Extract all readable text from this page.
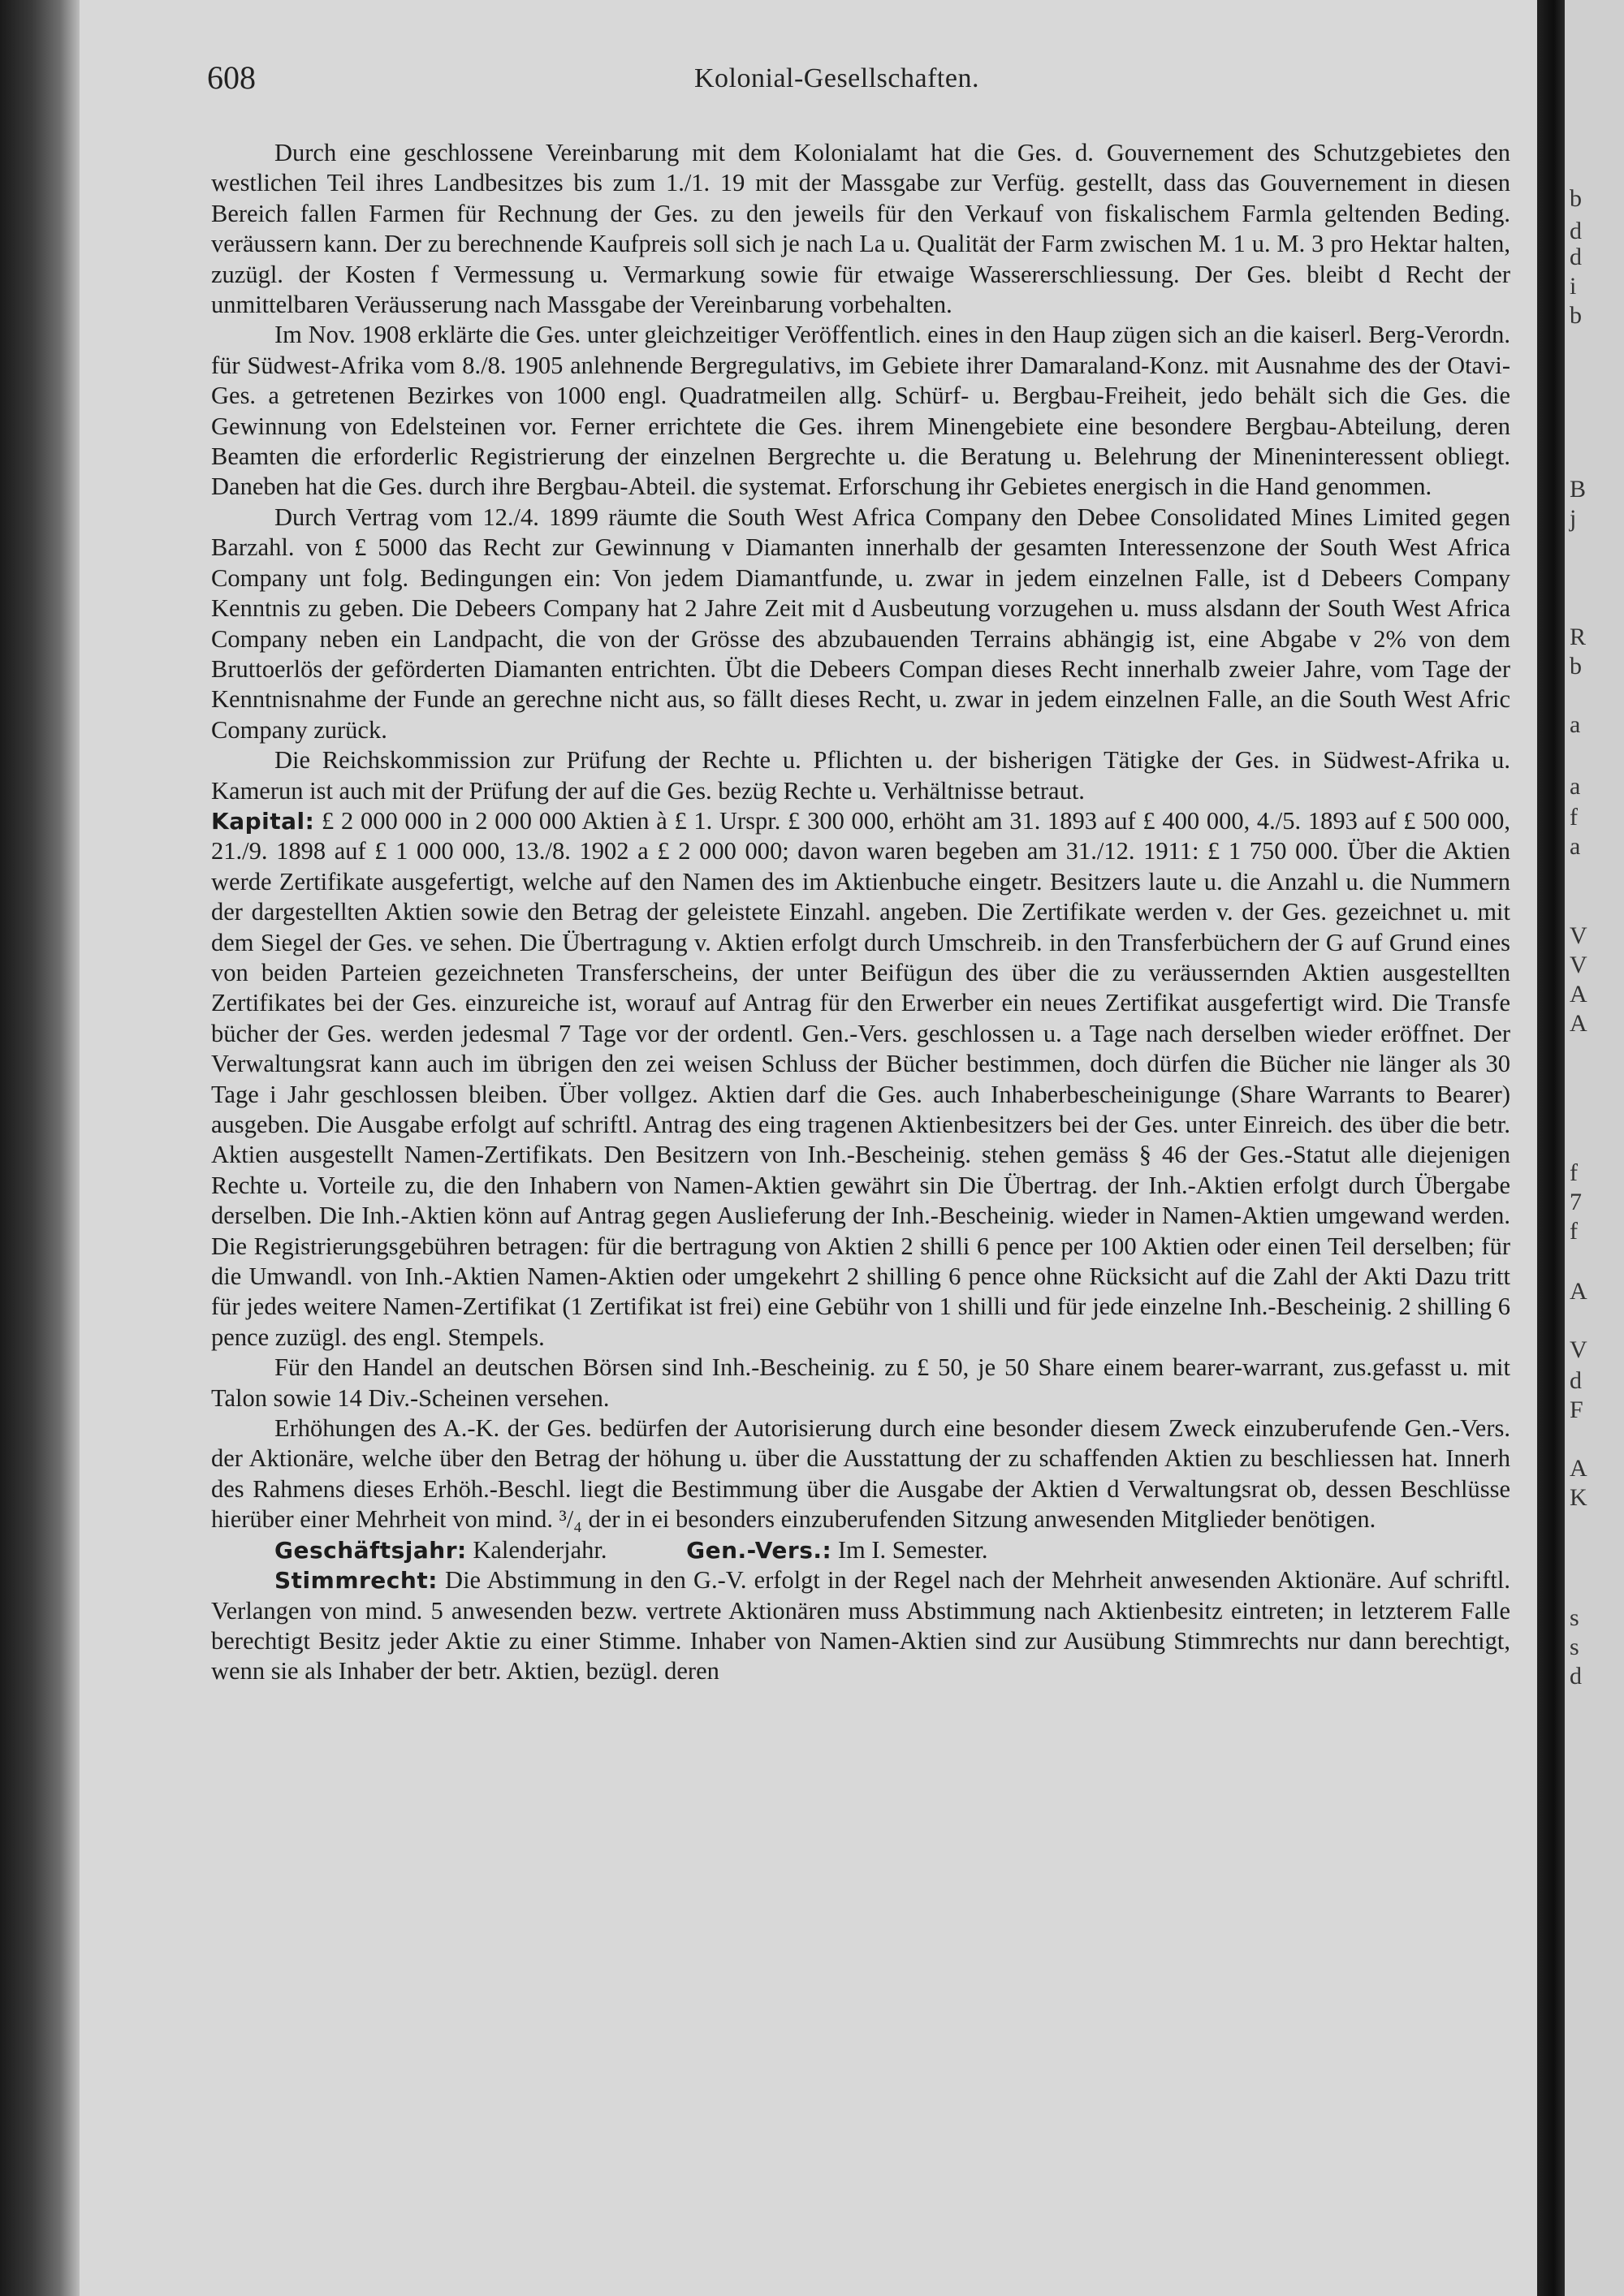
608	Kolonial-Gesellschaften.

Durch eine geschlossene Vereinbarung mit dem Kolonialamt hat die Ges. d. Gouvernement des Schutzgebietes den westlichen Teil ihres Landbesitzes bis zum 1./1. 19 mit der Massgabe zur Verfüg. gestellt, dass das Gouvernement in diesen Bereich fallen Farmen für Rechnung der Ges. zu den jeweils für den Verkauf von fiskalischem Farmla geltenden Beding. veräussern kann. Der zu berechnende Kaufpreis soll sich je nach La u. Qualität der Farm zwischen M. 1 u. M. 3 pro Hektar halten, zuzügl. der Kosten f Vermessung u. Vermarkung sowie für etwaige Wassererschliessung. Der Ges. bleibt d Recht der unmittelbaren Veräusserung nach Massgabe der Vereinbarung vorbehalten.

Im Nov. 1908 erklärte die Ges. unter gleichzeitiger Veröffentlich. eines in den Haup zügen sich an die kaiserl. Berg-Verordn. für Südwest-Afrika vom 8./8. 1905 anlehnende Bergregulativs, im Gebiete ihrer Damaraland-Konz. mit Ausnahme des der Otavi-Ges. a getretenen Bezirkes von 1000 engl. Quadratmeilen allg. Schürf- u. Bergbau-Freiheit, jedo behält sich die Ges. die Gewinnung von Edelsteinen vor. Ferner errichtete die Ges. ihrem Minengebiete eine besondere Bergbau-Abteilung, deren Beamten die erforderlic Registrierung der einzelnen Bergrechte u. die Beratung u. Belehrung der Mineninteressent obliegt. Daneben hat die Ges. durch ihre Bergbau-Abteil. die systemat. Erforschung ihr Gebietes energisch in die Hand genommen.

Durch Vertrag vom 12./4. 1899 räumte die South West Africa Company den Debee Consolidated Mines Limited gegen Barzahl. von £ 5000 das Recht zur Gewinnung v Diamanten innerhalb der gesamten Interessenzone der South West Africa Company unt folg. Bedingungen ein: Von jedem Diamantfunde, u. zwar in jedem einzelnen Falle, ist d Debeers Company Kenntnis zu geben. Die Debeers Company hat 2 Jahre Zeit mit d Ausbeutung vorzugehen u. muss alsdann der South West Africa Company neben ein Landpacht, die von der Grösse des abzubauenden Terrains abhängig ist, eine Abgabe v 2% von dem Bruttoerlös der geförderten Diamanten entrichten. Übt die Debeers Compan dieses Recht innerhalb zweier Jahre, vom Tage der Kenntnisnahme der Funde an gerechne nicht aus, so fällt dieses Recht, u. zwar in jedem einzelnen Falle, an die South West Afric Company zurück.

Die Reichskommission zur Prüfung der Rechte u. Pflichten u. der bisherigen Tätigke der Ges. in Südwest-Afrika u. Kamerun ist auch mit der Prüfung der auf die Ges. bezüg Rechte u. Verhältnisse betraut.

Kapital: £ 2 000 000 in 2 000 000 Aktien à £ 1. Urspr. £ 300 000, erhöht am 31. 1893 auf £ 400 000, 4./5. 1893 auf £ 500 000, 21./9. 1898 auf £ 1 000 000, 13./8. 1902 a £ 2 000 000; davon waren begeben am 31./12. 1911: £ 1 750 000. Über die Aktien werde Zertifikate ausgefertigt, welche auf den Namen des im Aktienbuche eingetr. Besitzers laute u. die Anzahl u. die Nummern der dargestellten Aktien sowie den Betrag der geleistete Einzahl. angeben. Die Zertifikate werden v. der Ges. gezeichnet u. mit dem Siegel der Ges. ve sehen. Die Übertragung v. Aktien erfolgt durch Umschreib. in den Transferbüchern der G auf Grund eines von beiden Parteien gezeichneten Transferscheins, der unter Beifügun des über die zu veräussernden Aktien ausgestellten Zertifikates bei der Ges. einzureiche ist, worauf auf Antrag für den Erwerber ein neues Zertifikat ausgefertigt wird. Die Transfe bücher der Ges. werden jedesmal 7 Tage vor der ordentl. Gen.-Vers. geschlossen u. a Tage nach derselben wieder eröffnet. Der Verwaltungsrat kann auch im übrigen den zei weisen Schluss der Bücher bestimmen, doch dürfen die Bücher nie länger als 30 Tage i Jahr geschlossen bleiben. Über vollgez. Aktien darf die Ges. auch Inhaberbescheinigunge (Share Warrants to Bearer) ausgeben. Die Ausgabe erfolgt auf schriftl. Antrag des eing tragenen Aktienbesitzers bei der Ges. unter Einreich. des über die betr. Aktien ausgestellt Namen-Zertifikats. Den Besitzern von Inh.-Bescheinig. stehen gemäss § 46 der Ges.-Statut alle diejenigen Rechte u. Vorteile zu, die den Inhabern von Namen-Aktien gewährt sin Die Übertrag. der Inh.-Aktien erfolgt durch Übergabe derselben. Die Inh.-Aktien könn auf Antrag gegen Auslieferung der Inh.-Bescheinig. wieder in Namen-Aktien umgewand werden. Die Registrierungsgebühren betragen: für die bertragung von Aktien 2 shilli 6 pence per 100 Aktien oder einen Teil derselben; für die Umwandl. von Inh.-Aktien Namen-Aktien oder umgekehrt 2 shilling 6 pence ohne Rücksicht auf die Zahl der Akti Dazu tritt für jedes weitere Namen-Zertifikat (1 Zertifikat ist frei) eine Gebühr von 1 shilli und für jede einzelne Inh.-Bescheinig. 2 shilling 6 pence zuzügl. des engl. Stempels.

Für den Handel an deutschen Börsen sind Inh.-Bescheinig. zu £ 50, je 50 Share einem bearer-warrant, zus.gefasst u. mit Talon sowie 14 Div.-Scheinen versehen.

Erhöhungen des A.-K. der Ges. bedürfen der Autorisierung durch eine besonder diesem Zweck einzuberufende Gen.-Vers. der Aktionäre, welche über den Betrag der höhung u. über die Ausstattung der zu schaffenden Aktien zu beschliessen hat. Innerh des Rahmens dieses Erhöh.-Beschl. liegt die Bestimmung über die Ausgabe der Aktien d Verwaltungsrat ob, dessen Beschlüsse hierüber einer Mehrheit von mind. ³/₄ der in ei besonders einzuberufenden Sitzung anwesenden Mitglieder benötigen.

Geschäftsjahr: Kalenderjahr.	Gen.-Vers.: Im I. Semester.

Stimmrecht: Die Abstimmung in den G.-V. erfolgt in der Regel nach der Mehrheit anwesenden Aktionäre. Auf schriftl. Verlangen von mind. 5 anwesenden bezw. vertrete Aktionären muss Abstimmung nach Aktienbesitz eintreten; in letzterem Falle berechtigt Besitz jeder Aktie zu einer Stimme. Inhaber von Namen-Aktien sind zur Ausübung Stimmrechts nur dann berechtigt, wenn sie als Inhaber der betr. Aktien, bezügl. deren

b
d
d
i
b
B
j
R
b
a
a
f
a
V
V
A
A
f
7
f
A
V
d
F
A
K
s
s
d
